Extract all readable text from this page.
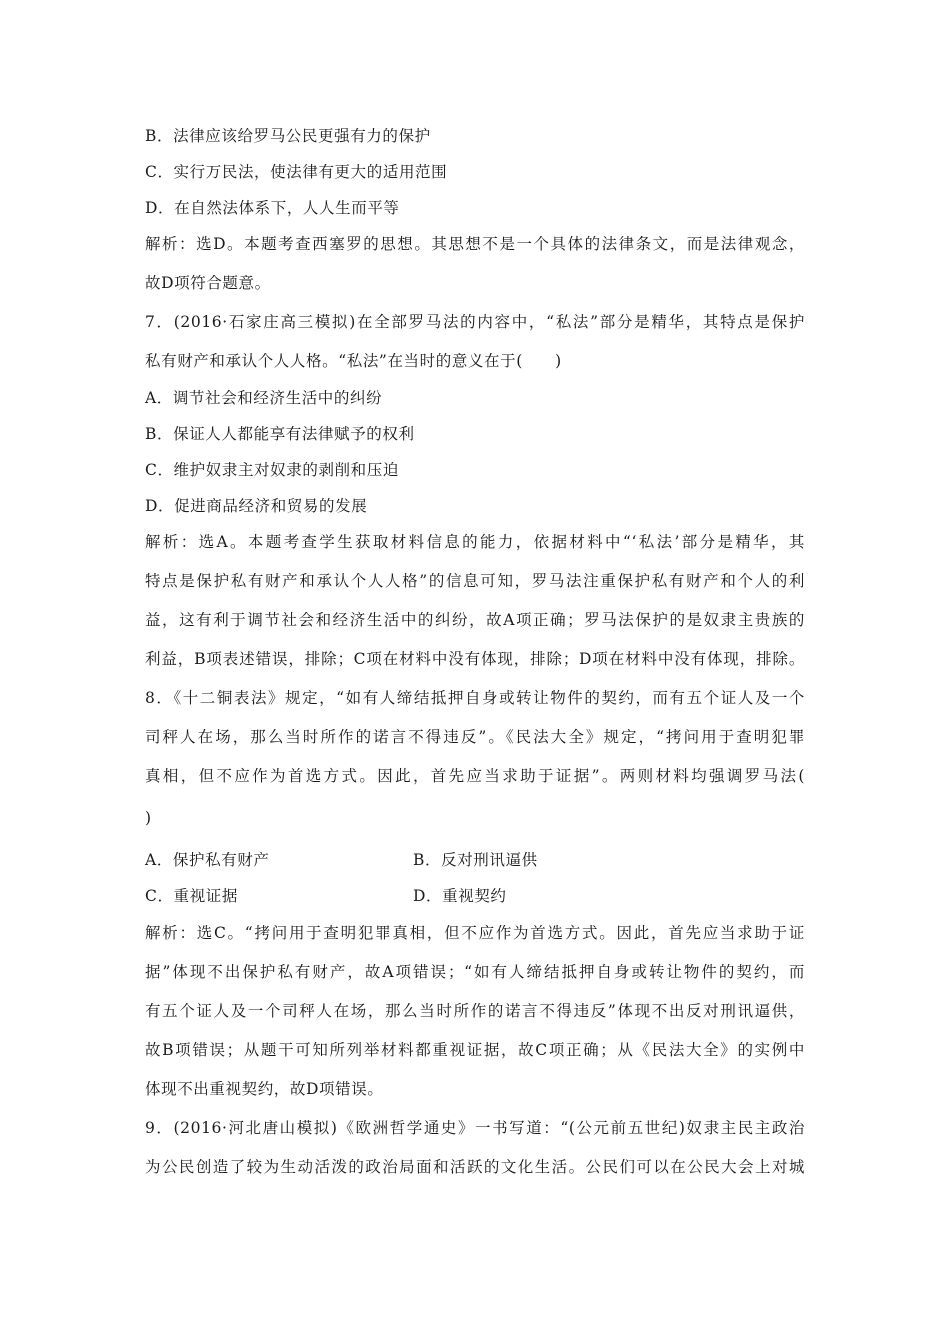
B．法律应该给罗马公民更强有力的保护
C．实行万民法，使法律有更大的适用范围
D．在自然法体系下，人人生而平等
解析：选D。本题考查西塞罗的思想。其思想不是一个具体的法律条文，而是法律观念，
故D项符合题意。
7．(2016·石家庄高三模拟)在全部罗马法的内容中，“私法”部分是精华，其特点是保护
私有财产和承认个人人格。“私法”在当时的意义在于(　　)
A．调节社会和经济生活中的纠纷
B．保证人人都能享有法律赋予的权利
C．维护奴隶主对奴隶的剥削和压迫
D．促进商品经济和贸易的发展
解析：选A。本题考查学生获取材料信息的能力，依据材料中“‘私法’部分是精华，其
特点是保护私有财产和承认个人人格”的信息可知，罗马法注重保护私有财产和个人的利
益，这有利于调节社会和经济生活中的纠纷，故A项正确；罗马法保护的是奴隶主贵族的
利益，B项表述错误，排除；C项在材料中没有体现，排除；D项在材料中没有体现，排除。
8．《十二铜表法》规定，“如有人缔结抵押自身或转让物件的契约，而有五个证人及一个
司秤人在场，那么当时所作的诺言不得违反”。《民法大全》规定，“拷问用于查明犯罪
真相，但不应作为首选方式。因此，首先应当求助于证据”。两则材料均强调罗马法(
)
A．保护私有财产	B．反对刑讯逼供
C．重视证据	D．重视契约
解析：选C。“拷问用于查明犯罪真相，但不应作为首选方式。因此，首先应当求助于证
据”体现不出保护私有财产，故A项错误；“如有人缔结抵押自身或转让物件的契约，而
有五个证人及一个司秤人在场，那么当时所作的诺言不得违反”体现不出反对刑讯逼供，
故B项错误；从题干可知所列举材料都重视证据，故C项正确；从《民法大全》的实例中
体现不出重视契约，故D项错误。
9．(2016·河北唐山模拟)《欧洲哲学通史》一书写道：“(公元前五世纪)奴隶主民主政治
为公民创造了较为生动活泼的政治局面和活跃的文化生活。公民们可以在公民大会上对城
